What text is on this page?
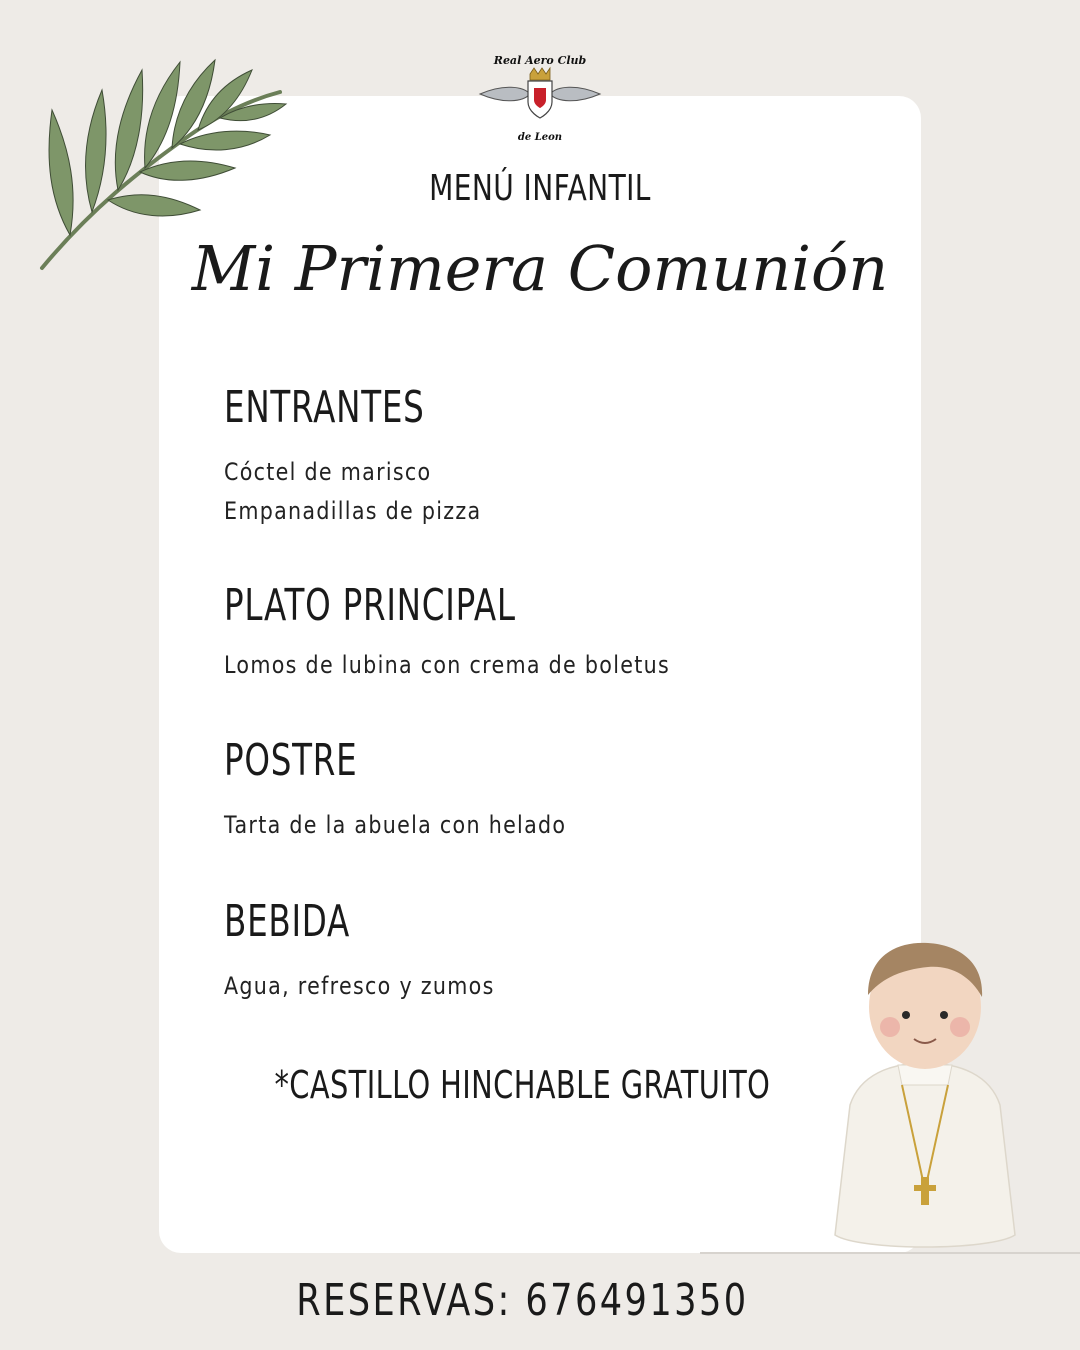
Real Aero Club
de Leon
MENÚ INFANTIL
Mi Primera Comunión
ENTRANTES
Cóctel de marisco
Empanadillas de pizza
PLATO PRINCIPAL
Lomos de lubina con crema de boletus
POSTRE
Tarta de la abuela con helado
BEBIDA
Agua, refresco y zumos
*CASTILLO HINCHABLE GRATUITO
RESERVAS: 676491350
